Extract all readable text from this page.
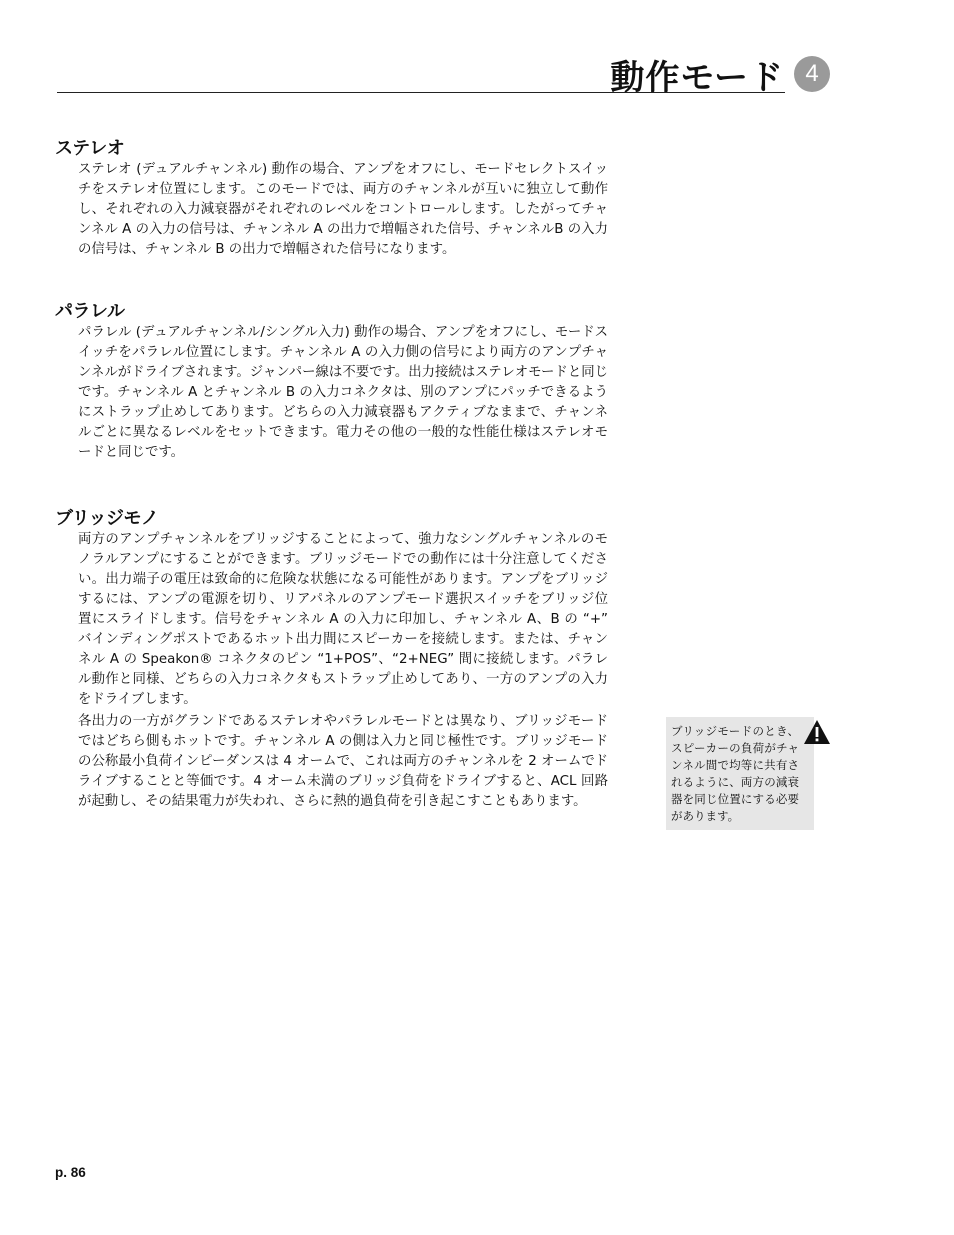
動作モード 4
ステレオ

ステレオ (デュアルチャンネル) 動作の場合、アンプをオフにし、モードセレクトスイッチをステレオ位置にします。このモードでは、両方のチャンネルが互いに独立して動作し、それぞれの入力減衰器がそれぞれのレベルをコントロールします。したがってチャンネル A の入力の信号は、チャンネル A の出力で増幅された信号、チャンネルB の入力の信号は、チャンネル B の出力で増幅された信号になります。

パラレル

パラレル (デュアルチャンネル/シングル入力) 動作の場合、アンプをオフにし、モードスイッチをパラレル位置にします。チャンネル A の入力側の信号により両方のアンプチャンネルがドライブされます。ジャンパー線は不要です。出力接続はステレオモードと同じです。チャンネル A とチャンネル B の入力コネクタは、別のアンプにパッチできるようにストラップ止めしてあります。どちらの入力減衰器もアクティブなままで、チャンネルごとに異なるレベルをセットできます。電力その他の一般的な性能仕様はステレオモードと同じです。

ブリッジモノ

両方のアンプチャンネルをブリッジすることによって、強力なシングルチャンネルのモノラルアンプにすることができます。ブリッジモードでの動作には十分注意してください。出力端子の電圧は致命的に危険な状態になる可能性があります。アンプをブリッジするには、アンプの電源を切り、リアパネルのアンプモード選択スイッチをブリッジ位置にスライドします。信号をチャンネル A の入力に印加し、チャンネル A、B の “+” バインディングポストであるホット出力間にスピーカーを接続します。または、チャンネル A の Speakon® コネクタのピン “1+POS”、“2+NEG” 間に接続します。パラレル動作と同様、どちらの入力コネクタもストラップ止めしてあり、一方のアンプの入力をドライブします。

各出力の一方がグランドであるステレオやパラレルモードとは異なり、ブリッジモードではどちら側もホットです。チャンネル A の側は入力と同じ極性です。ブリッジモードの公称最小負荷インピーダンスは 4 オームで、これは両方のチャンネルを 2 オームでドライブすることと等価です。4 オーム未満のブリッジ負荷をドライブすると、ACL 回路が起動し、その結果電力が失われ、さらに熱的過負荷を引き起こすこともあります。

ブリッジモードのとき、スピーカーの負荷がチャンネル間で均等に共有されるように、両方の減衰器を同じ位置にする必要があります。

p. 86
